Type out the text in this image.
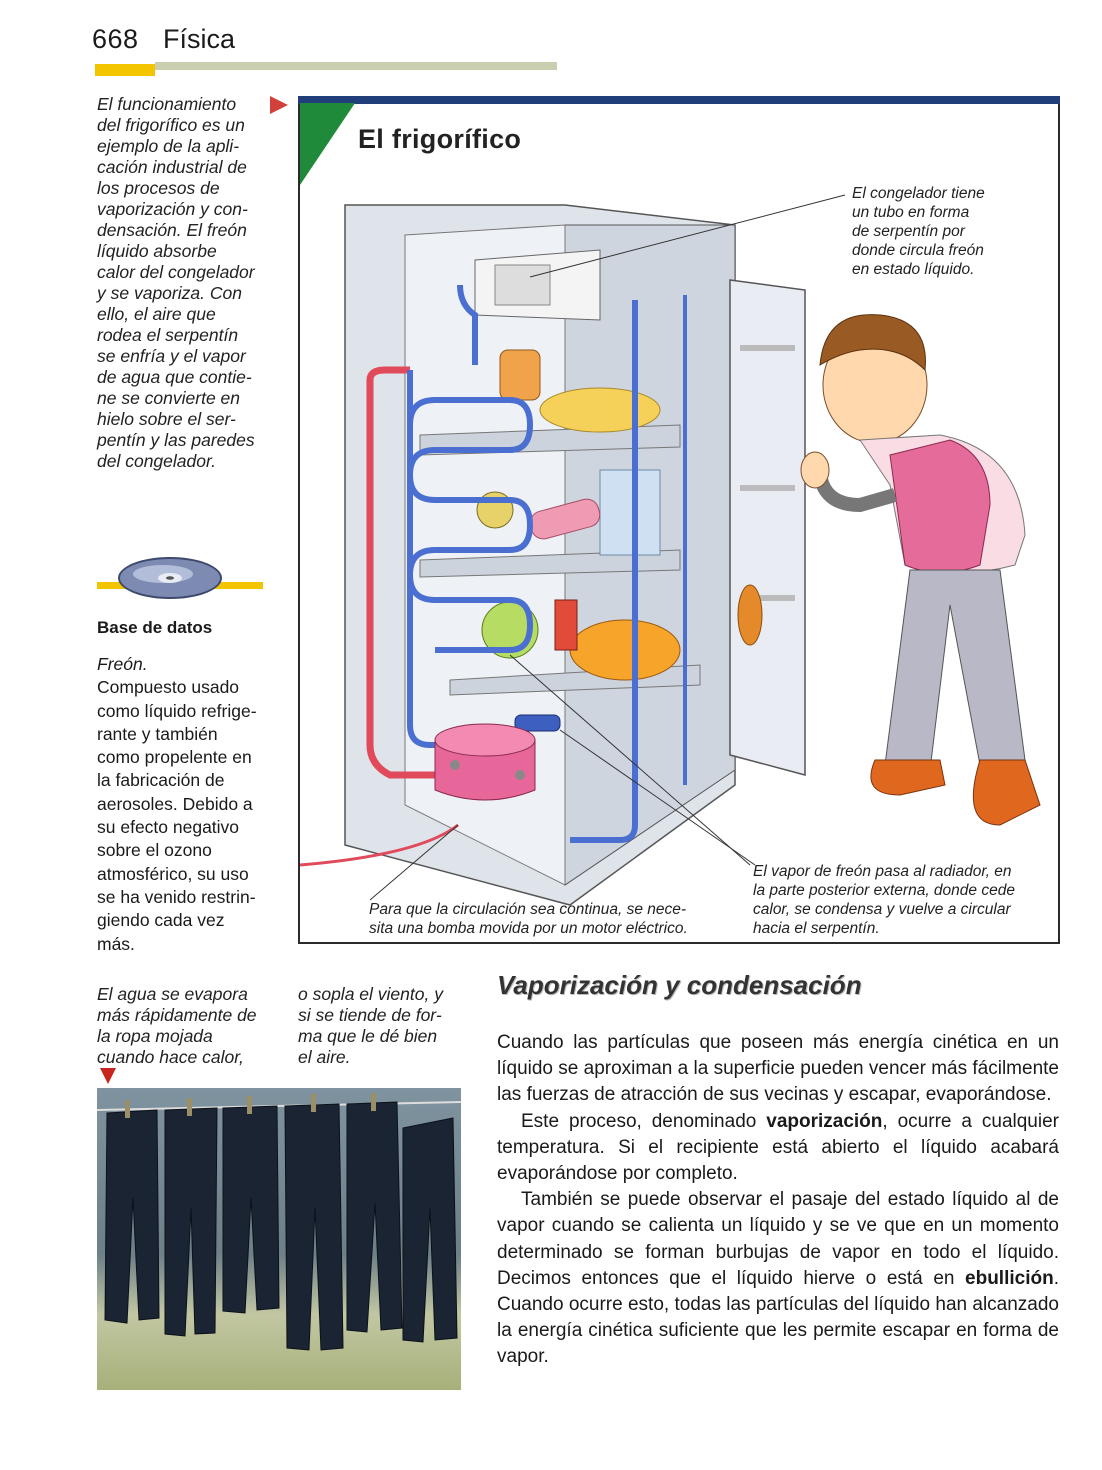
668 Física
El funcionamiento
del frigorífico es un
ejemplo de la apli-
cación industrial de
los procesos de
vaporización y con-
densación. El freón
líquido absorbe
calor del congelador
y se vaporiza. Con
ello, el aire que
rodea el serpentín
se enfría y el vapor
de agua que contie-
ne se convierte en
hielo sobre el ser-
pentín y las paredes
del congelador.
Base de datos
Freón.
Compuesto usado
como líquido refrige-
rante y también
como propelente en
la fabricación de
aerosoles. Debido a
su efecto negativo
sobre el ozono
atmosférico, su uso
se ha venido restrin-
giendo cada vez
más.
El frigorífico
El congelador tiene
un tubo en forma
de serpentín por
donde circula freón
en estado líquido.
Para que la circulación sea continua, se nece-
sita una bomba movida por un motor eléctrico.
El vapor de freón pasa al radiador, en
la parte posterior externa, donde cede
calor, se condensa y vuelve a circular
hacia el serpentín.
El agua se evapora
más rápidamente de
la ropa mojada
cuando hace calor,
o sopla el viento, y
si se tiende de for-
ma que le dé bien
el aire.
Vaporización y condensación

Cuando las partículas que poseen más energía cinética en un líquido se aproximan a la superficie pueden vencer más fácilmente las fuerzas de atracción de sus vecinas y escapar, evaporándose.

Este proceso, denominado vaporización, ocurre a cualquier temperatura. Si el recipiente está abierto el líquido acabará evaporándose por completo.

También se puede observar el pasaje del estado líquido al de vapor cuando se calienta un líquido y se ve que en un momento determinado se forman burbujas de vapor en todo el líquido. Decimos entonces que el líquido hierve o está en ebullición. Cuando ocurre esto, todas las partículas del líquido han alcanzado la energía cinética suficiente que les permite escapar en forma de vapor.
